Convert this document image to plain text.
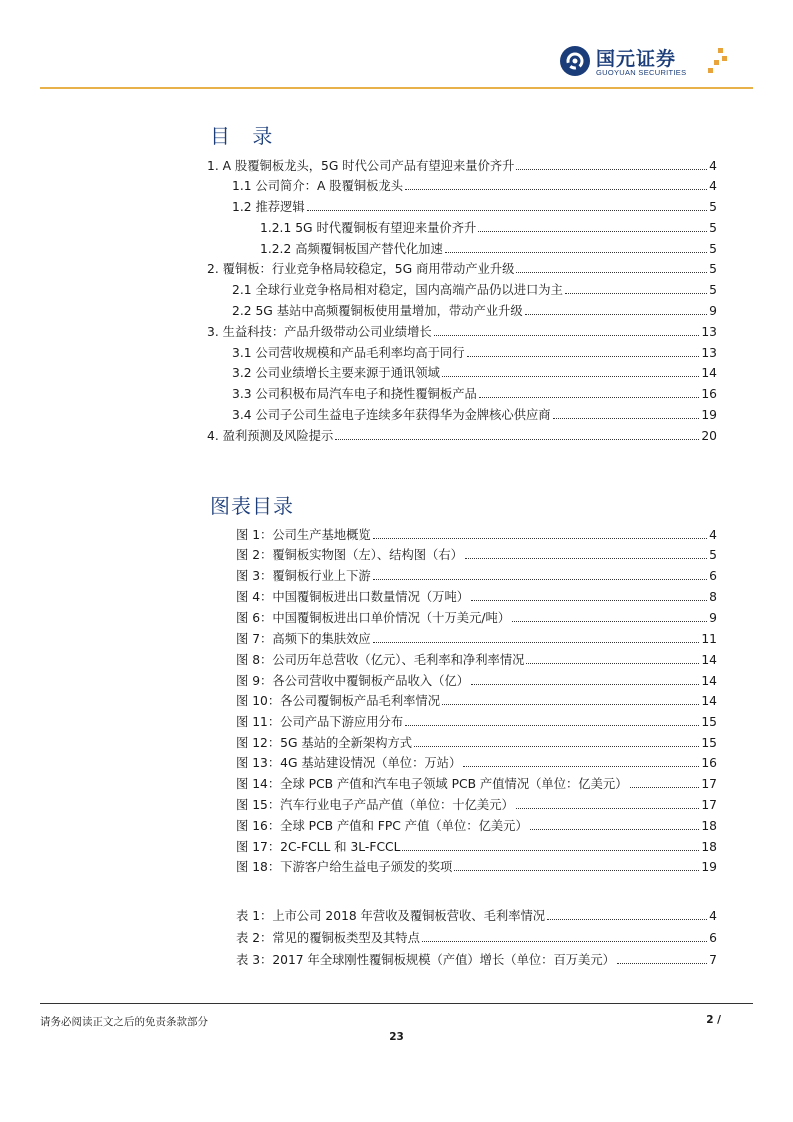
国元证券
GUOYUAN SECURITIES
目 录
1. A 股覆铜板龙头，5G 时代公司产品有望迎来量价齐升	4
1.1 公司简介：A 股覆铜板龙头	4
1.2 推荐逻辑	5
1.2.1 5G 时代覆铜板有望迎来量价齐升	5
1.2.2 高频覆铜板国产替代化加速	5
2. 覆铜板：行业竞争格局较稳定，5G 商用带动产业升级	5
2.1 全球行业竞争格局相对稳定，国内高端产品仍以进口为主	5
2.2 5G 基站中高频覆铜板使用量增加，带动产业升级	9
3. 生益科技：产品升级带动公司业绩增长	13
3.1 公司营收规模和产品毛利率均高于同行	13
3.2 公司业绩增长主要来源于通讯领域	14
3.3 公司积极布局汽车电子和挠性覆铜板产品	16
3.4 公司子公司生益电子连续多年获得华为金牌核心供应商	19
4. 盈利预测及风险提示	20
图表目录
图 1：公司生产基地概览	4
图 2：覆铜板实物图（左）、结构图（右）	5
图 3：覆铜板行业上下游	6
图 4：中国覆铜板进出口数量情况（万吨）	8
图 6：中国覆铜板进出口单价情况（十万美元/吨）	9
图 7：高频下的集肤效应	11
图 8：公司历年总营收（亿元）、毛利率和净利率情况	14
图 9：各公司营收中覆铜板产品收入（亿）	14
图 10：各公司覆铜板产品毛利率情况	14
图 11：公司产品下游应用分布	15
图 12：5G 基站的全新架构方式	15
图 13：4G 基站建设情况（单位：万站）	16
图 14：全球 PCB 产值和汽车电子领域 PCB 产值情况（单位：亿美元）	17
图 15：汽车行业电子产品产值（单位：十亿美元）	17
图 16：全球 PCB 产值和 FPC 产值（单位：亿美元）	18
图 17：2C-FCLL 和 3L-FCCL	18
图 18：下游客户给生益电子颁发的奖项	19
表 1：上市公司 2018 年营收及覆铜板营收、毛利率情况	4
表 2：常见的覆铜板类型及其特点	6
表 3：2017 年全球刚性覆铜板规模（产值）增长（单位：百万美元）	7
请务必阅读正文之后的免责条款部分	2 /
23
